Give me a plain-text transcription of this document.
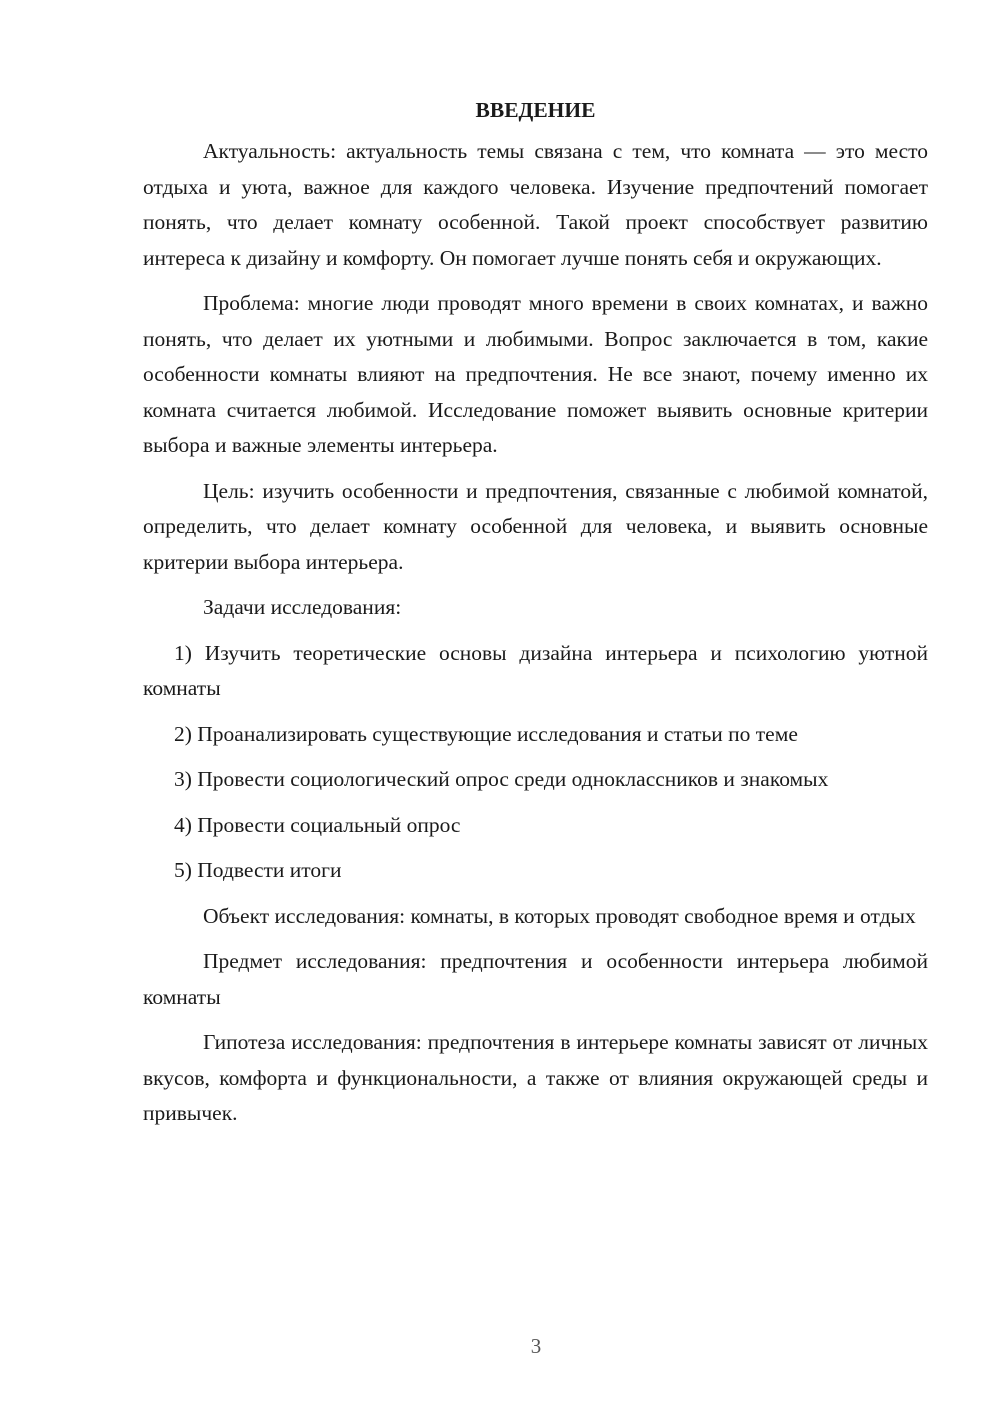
ВВЕДЕНИЕ

Актуальность: актуальность темы связана с тем, что комната — это место отдыха и уюта, важное для каждого человека. Изучение предпочтений помогает понять, что делает комнату особенной. Такой проект способствует развитию интереса к дизайну и комфорту. Он помогает лучше понять себя и окружающих.

Проблема: многие люди проводят много времени в своих комнатах, и важно понять, что делает их уютными и любимыми. Вопрос заключается в том, какие особенности комнаты влияют на предпочтения. Не все знают, почему именно их комната считается любимой. Исследование поможет выявить основные критерии выбора и важные элементы интерьера.

Цель: изучить особенности и предпочтения, связанные с любимой комнатой, определить, что делает комнату особенной для человека, и выявить основные критерии выбора интерьера.

Задачи исследования:

1) Изучить теоретические основы дизайна интерьера и психологию уютной комнаты

2) Проанализировать существующие исследования и статьи по теме

3) Провести социологический опрос среди одноклассников и знакомых

4) Провести социальный опрос

5) Подвести итоги

Объект исследования: комнаты, в которых проводят свободное время и отдых

Предмет исследования: предпочтения и особенности интерьера любимой комнаты

Гипотеза исследования: предпочтения в интерьере комнаты зависят от личных вкусов, комфорта и функциональности, а также от влияния окружающей среды и привычек.

3
